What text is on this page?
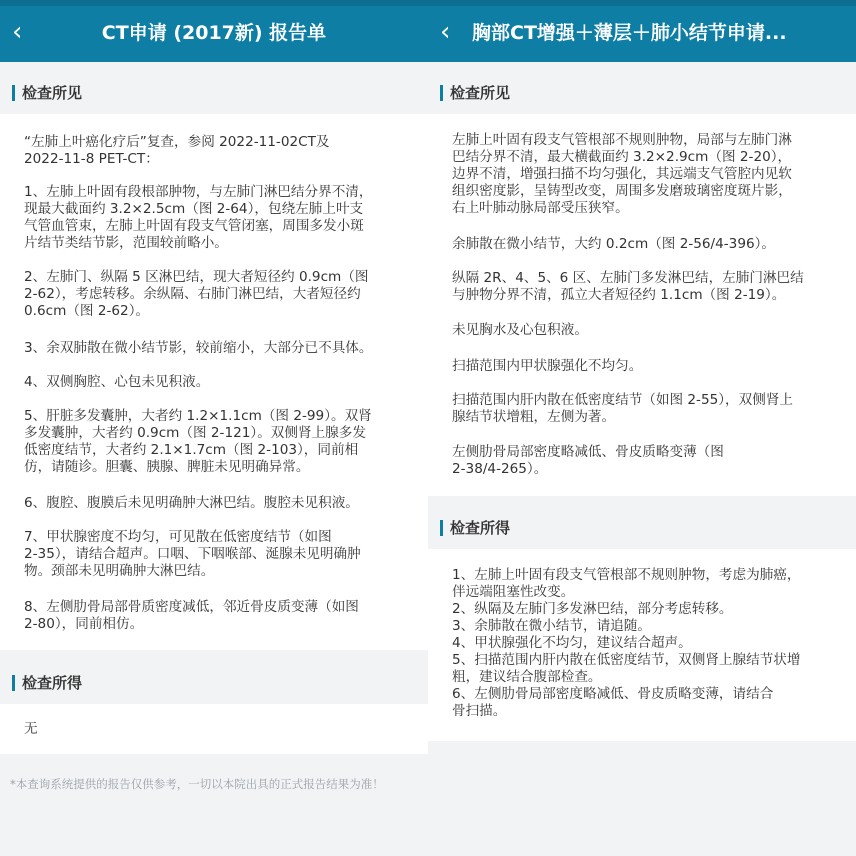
‹	CT申请 (2017新) 报告单
检查所见
“左肺上叶癌化疗后”复查，参阅 2022-11-02CT及
2022-11-8 PET-CT：
1、左肺上叶固有段根部肿物，与左肺门淋巴结分界不清，
现最大截面约 3.2×2.5cm（图 2-64），包绕左肺上叶支
气管血管束，左肺上叶固有段支气管闭塞，周围多发小斑
片结节类结节影，范围较前略小。
2、左肺门、纵隔 5 区淋巴结，现大者短径约 0.9cm（图
2-62），考虑转移。余纵隔、右肺门淋巴结，大者短径约
0.6cm（图 2-62）。
3、余双肺散在微小结节影，较前缩小，大部分已不具体。
4、双侧胸腔、心包未见积液。
5、肝脏多发囊肿，大者约 1.2×1.1cm（图 2-99）。双肾
多发囊肿，大者约 0.9cm（图 2-121）。双侧肾上腺多发
低密度结节，大者约 2.1×1.7cm（图 2-103），同前相
仿，请随诊。胆囊、胰腺、脾脏未见明确异常。
6、腹腔、腹膜后未见明确肿大淋巴结。腹腔未见积液。
7、甲状腺密度不均匀，可见散在低密度结节（如图
2-35），请结合超声。口咽、下咽喉部、涎腺未见明确肿
物。颈部未见明确肿大淋巴结。
8、左侧肋骨局部骨质密度减低，邻近骨皮质变薄（如图
2-80），同前相仿。
检查所得
无
*本查询系统提供的报告仅供参考，一切以本院出具的正式报告结果为准！
‹	胸部CT增强＋薄层＋肺小结节申请...
检查所见
左肺上叶固有段支气管根部不规则肿物，局部与左肺门淋
巴结分界不清，最大横截面约 3.2×2.9cm（图 2-20），
边界不清，增强扫描不均匀强化，其远端支气管腔内见软
组织密度影，呈铸型改变，周围多发磨玻璃密度斑片影，
右上叶肺动脉局部受压狭窄。
余肺散在微小结节，大约 0.2cm（图 2-56/4-396）。
纵隔 2R、4、5、6 区、左肺门多发淋巴结，左肺门淋巴结
与肿物分界不清，孤立大者短径约 1.1cm（图 2-19）。
未见胸水及心包积液。
扫描范围内甲状腺强化不均匀。
扫描范围内肝内散在低密度结节（如图 2-55），双侧肾上
腺结节状增粗，左侧为著。
左侧肋骨局部密度略减低、骨皮质略变薄（图
2-38/4-265）。
检查所得
1、左肺上叶固有段支气管根部不规则肿物，考虑为肺癌，
伴远端阻塞性改变。
2、纵隔及左肺门多发淋巴结，部分考虑转移。
3、余肺散在微小结节，请追随。
4、甲状腺强化不均匀，建议结合超声。
5、扫描范围内肝内散在低密度结节，双侧肾上腺结节状增
粗，建议结合腹部检查。
6、左侧肋骨局部密度略减低、骨皮质略变薄，请结合
骨扫描。
